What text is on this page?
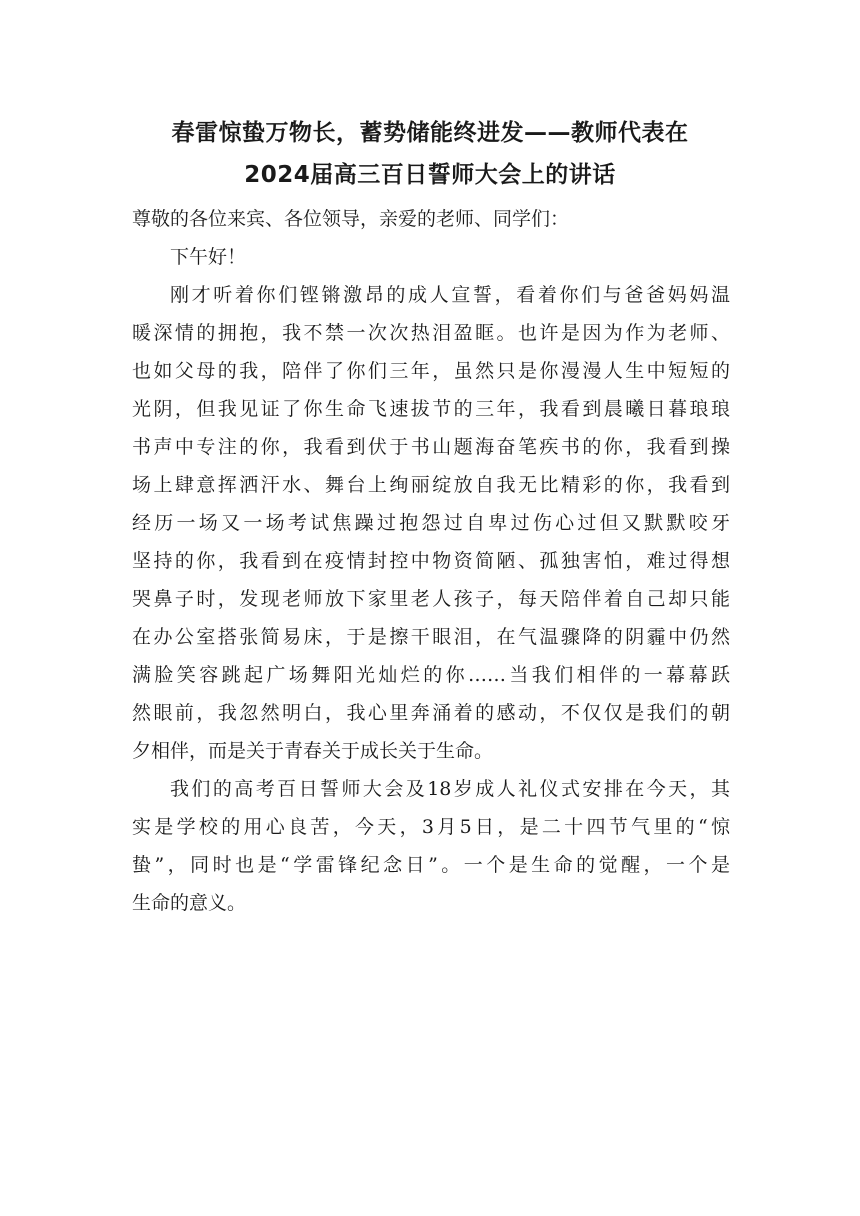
春雷惊蛰万物长，蓄势储能终进发——教师代表在
2024届高三百日誓师大会上的讲话

尊敬的各位来宾、各位领导，亲爱的老师、同学们：

下午好！

刚才听着你们铿锵激昂的成人宣誓，看着你们与爸爸妈妈温
暖深情的拥抱，我不禁一次次热泪盈眶。也许是因为作为老师、
也如父母的我，陪伴了你们三年，虽然只是你漫漫人生中短短的
光阴，但我见证了你生命飞速拔节的三年，我看到晨曦日暮琅琅
书声中专注的你，我看到伏于书山题海奋笔疾书的你，我看到操
场上肆意挥洒汗水、舞台上绚丽绽放自我无比精彩的你，我看到
经历一场又一场考试焦躁过抱怨过自卑过伤心过但又默默咬牙
坚持的你，我看到在疫情封控中物资简陋、孤独害怕，难过得想
哭鼻子时，发现老师放下家里老人孩子，每天陪伴着自己却只能
在办公室搭张简易床，于是擦干眼泪，在气温骤降的阴霾中仍然
满脸笑容跳起广场舞阳光灿烂的你……当我们相伴的一幕幕跃
然眼前，我忽然明白，我心里奔涌着的感动，不仅仅是我们的朝
夕相伴，而是关于青春关于成长关于生命。
我们的高考百日誓师大会及18岁成人礼仪式安排在今天，其
实是学校的用心良苦，今天，3月5日，是二十四节气里的“惊
蛰”，同时也是“学雷锋纪念日”。一个是生命的觉醒，一个是
生命的意义。
